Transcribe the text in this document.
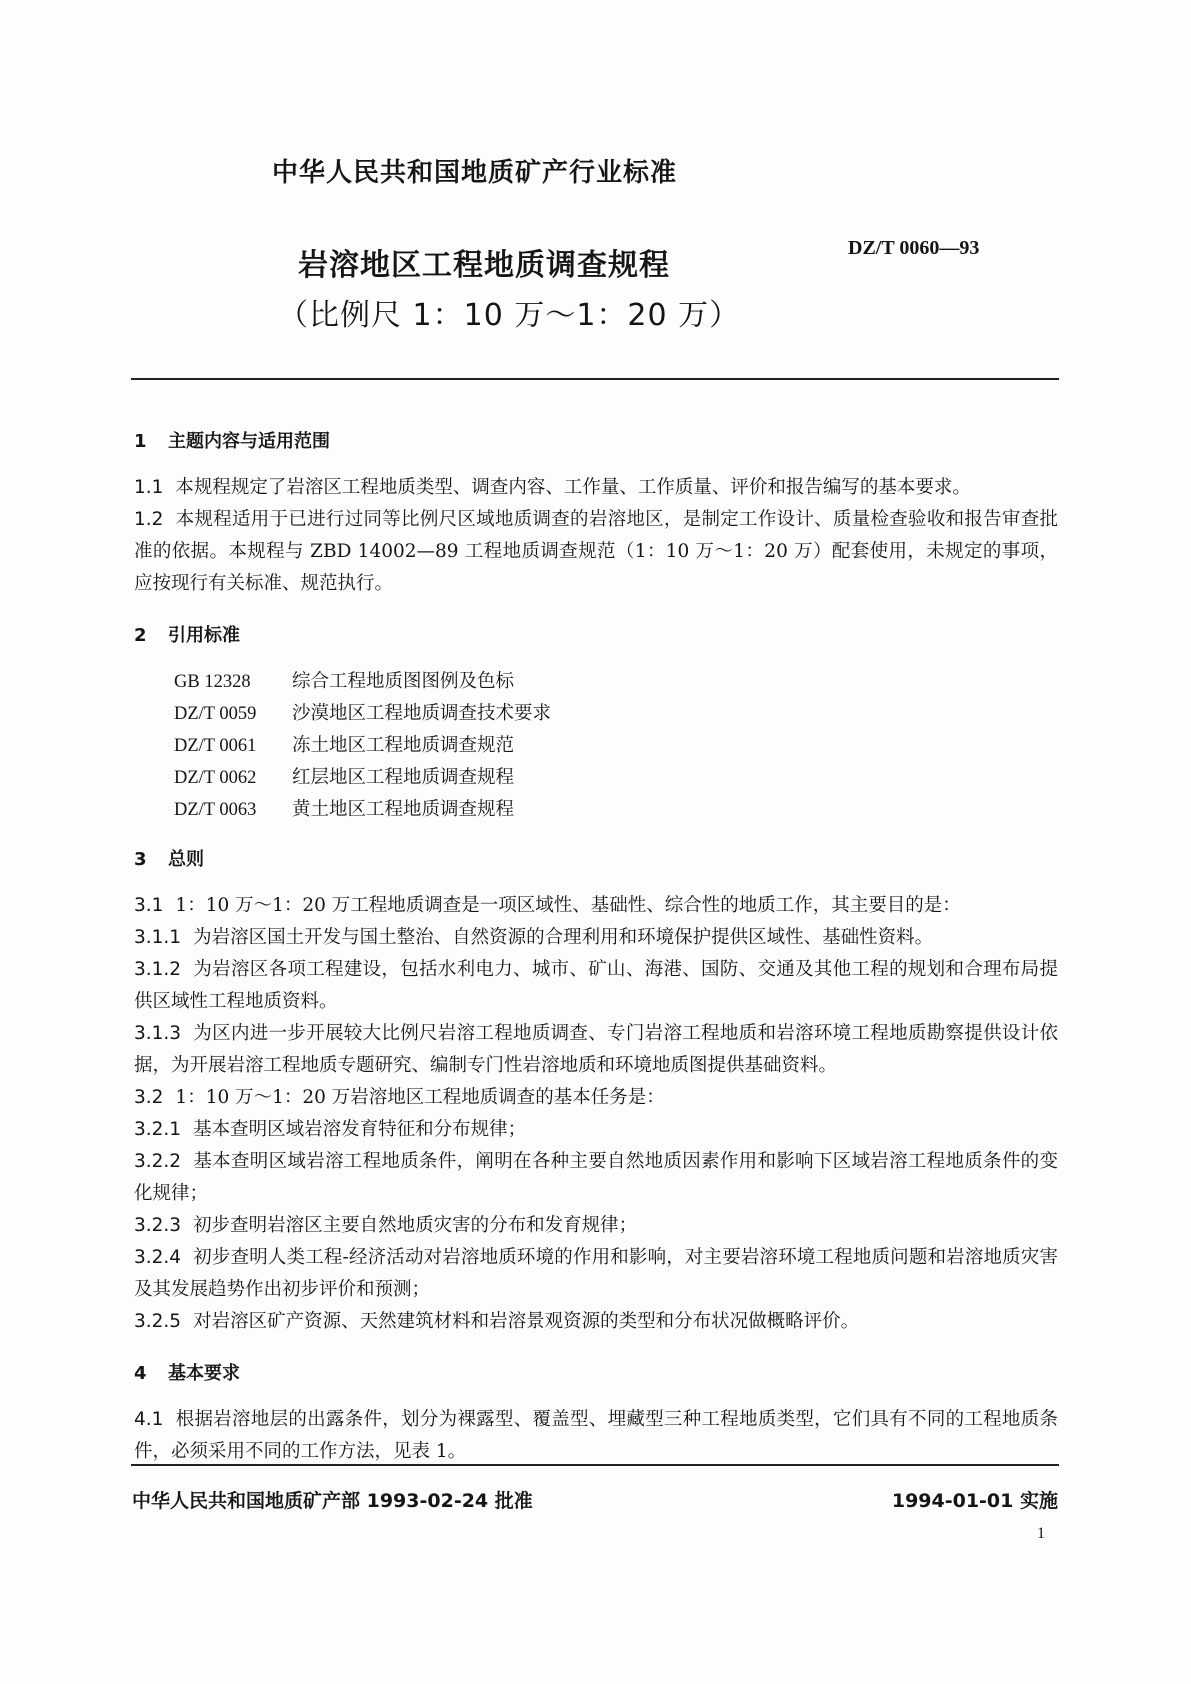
中华人民共和国地质矿产行业标准
岩溶地区工程地质调查规程
（比例尺 1：10 万～1：20 万）
DZ/T 0060—93
1 主题内容与适用范围

1.1 本规程规定了岩溶区工程地质类型、调查内容、工作量、工作质量、评价和报告编写的基本要求。

1.2 本规程适用于已进行过同等比例尺区域地质调查的岩溶地区，是制定工作设计、质量检查验收和报告审查批准的依据。本规程与 ZBD 14002—89 工程地质调查规范（1：10 万～1：20 万）配套使用，未规定的事项，应按现行有关标准、规范执行。

2 引用标准
GB 12328	综合工程地质图图例及色标
DZ/T 0059	沙漠地区工程地质调查技术要求
DZ/T 0061	冻土地区工程地质调查规范
DZ/T 0062	红层地区工程地质调查规程
DZ/T 0063	黄土地区工程地质调查规程
3 总则

3.1 1：10 万～1：20 万工程地质调查是一项区域性、基础性、综合性的地质工作，其主要目的是：

3.1.1 为岩溶区国土开发与国土整治、自然资源的合理利用和环境保护提供区域性、基础性资料。

3.1.2 为岩溶区各项工程建设，包括水利电力、城市、矿山、海港、国防、交通及其他工程的规划和合理布局提供区域性工程地质资料。

3.1.3 为区内进一步开展较大比例尺岩溶工程地质调查、专门岩溶工程地质和岩溶环境工程地质勘察提供设计依据，为开展岩溶工程地质专题研究、编制专门性岩溶地质和环境地质图提供基础资料。

3.2 1：10 万～1：20 万岩溶地区工程地质调查的基本任务是：

3.2.1 基本查明区域岩溶发育特征和分布规律；

3.2.2 基本查明区域岩溶工程地质条件，阐明在各种主要自然地质因素作用和影响下区域岩溶工程地质条件的变化规律；

3.2.3 初步查明岩溶区主要自然地质灾害的分布和发育规律；

3.2.4 初步查明人类工程-经济活动对岩溶地质环境的作用和影响，对主要岩溶环境工程地质问题和岩溶地质灾害及其发展趋势作出初步评价和预测；

3.2.5 对岩溶区矿产资源、天然建筑材料和岩溶景观资源的类型和分布状况做概略评价。

4 基本要求

4.1 根据岩溶地层的出露条件，划分为裸露型、覆盖型、埋藏型三种工程地质类型，它们具有不同的工程地质条件，必须采用不同的工作方法，见表 1。

中华人民共和国地质矿产部 1993-02-24 批准	1994-01-01 实施
1
